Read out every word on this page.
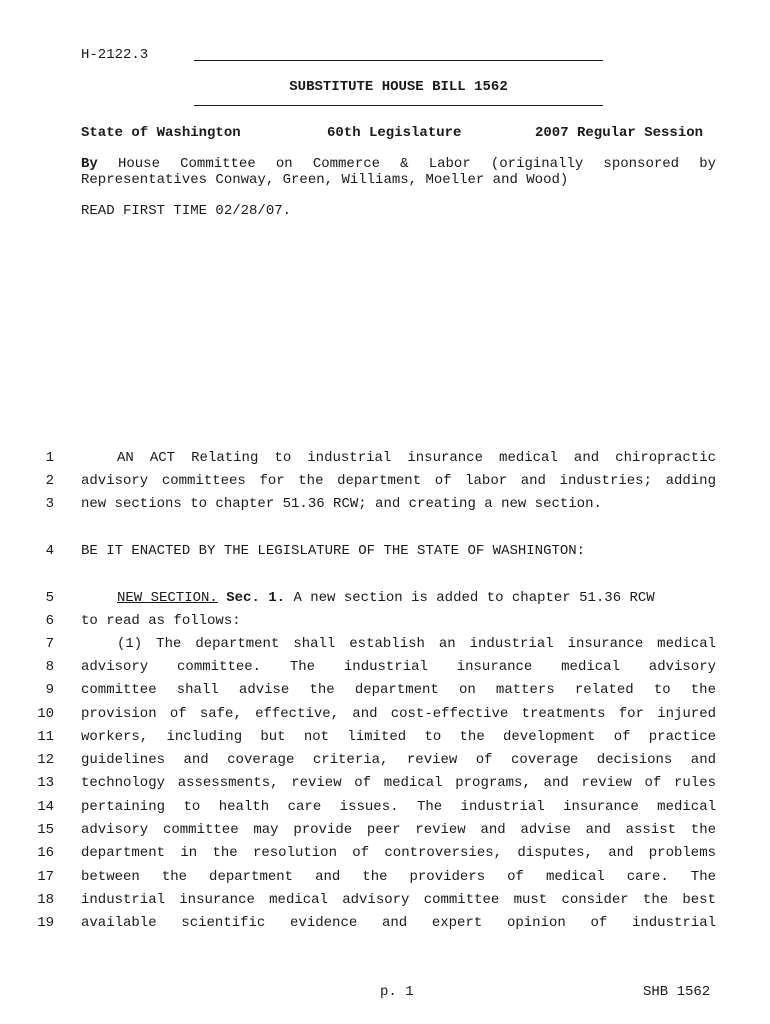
H-2122.3
SUBSTITUTE HOUSE BILL 1562
State of Washington	60th Legislature	2007 Regular Session
By House Committee on Commerce & Labor (originally sponsored by
Representatives Conway, Green, Williams, Moeller and Wood)
READ FIRST TIME 02/28/07.
1	AN ACT Relating to industrial insurance medical and chiropractic
2 advisory committees for the department of labor and industries; adding
3 new sections to chapter 51.36 RCW; and creating a new section.
4 BE IT ENACTED BY THE LEGISLATURE OF THE STATE OF WASHINGTON:
5	NEW SECTION. Sec. 1. A new section is added to chapter 51.36 RCW
6 to read as follows:
7	(1) The department shall establish an industrial insurance medical
8 advisory committee. The industrial insurance medical advisory
9 committee shall advise the department on matters related to the
10 provision of safe, effective, and cost-effective treatments for injured
11 workers, including but not limited to the development of practice
12 guidelines and coverage criteria, review of coverage decisions and
13 technology assessments, review of medical programs, and review of rules
14 pertaining to health care issues. The industrial insurance medical
15 advisory committee may provide peer review and advise and assist the
16 department in the resolution of controversies, disputes, and problems
17 between the department and the providers of medical care. The
18 industrial insurance medical advisory committee must consider the best
19 available scientific evidence and expert opinion of industrial
p. 1	SHB 1562
